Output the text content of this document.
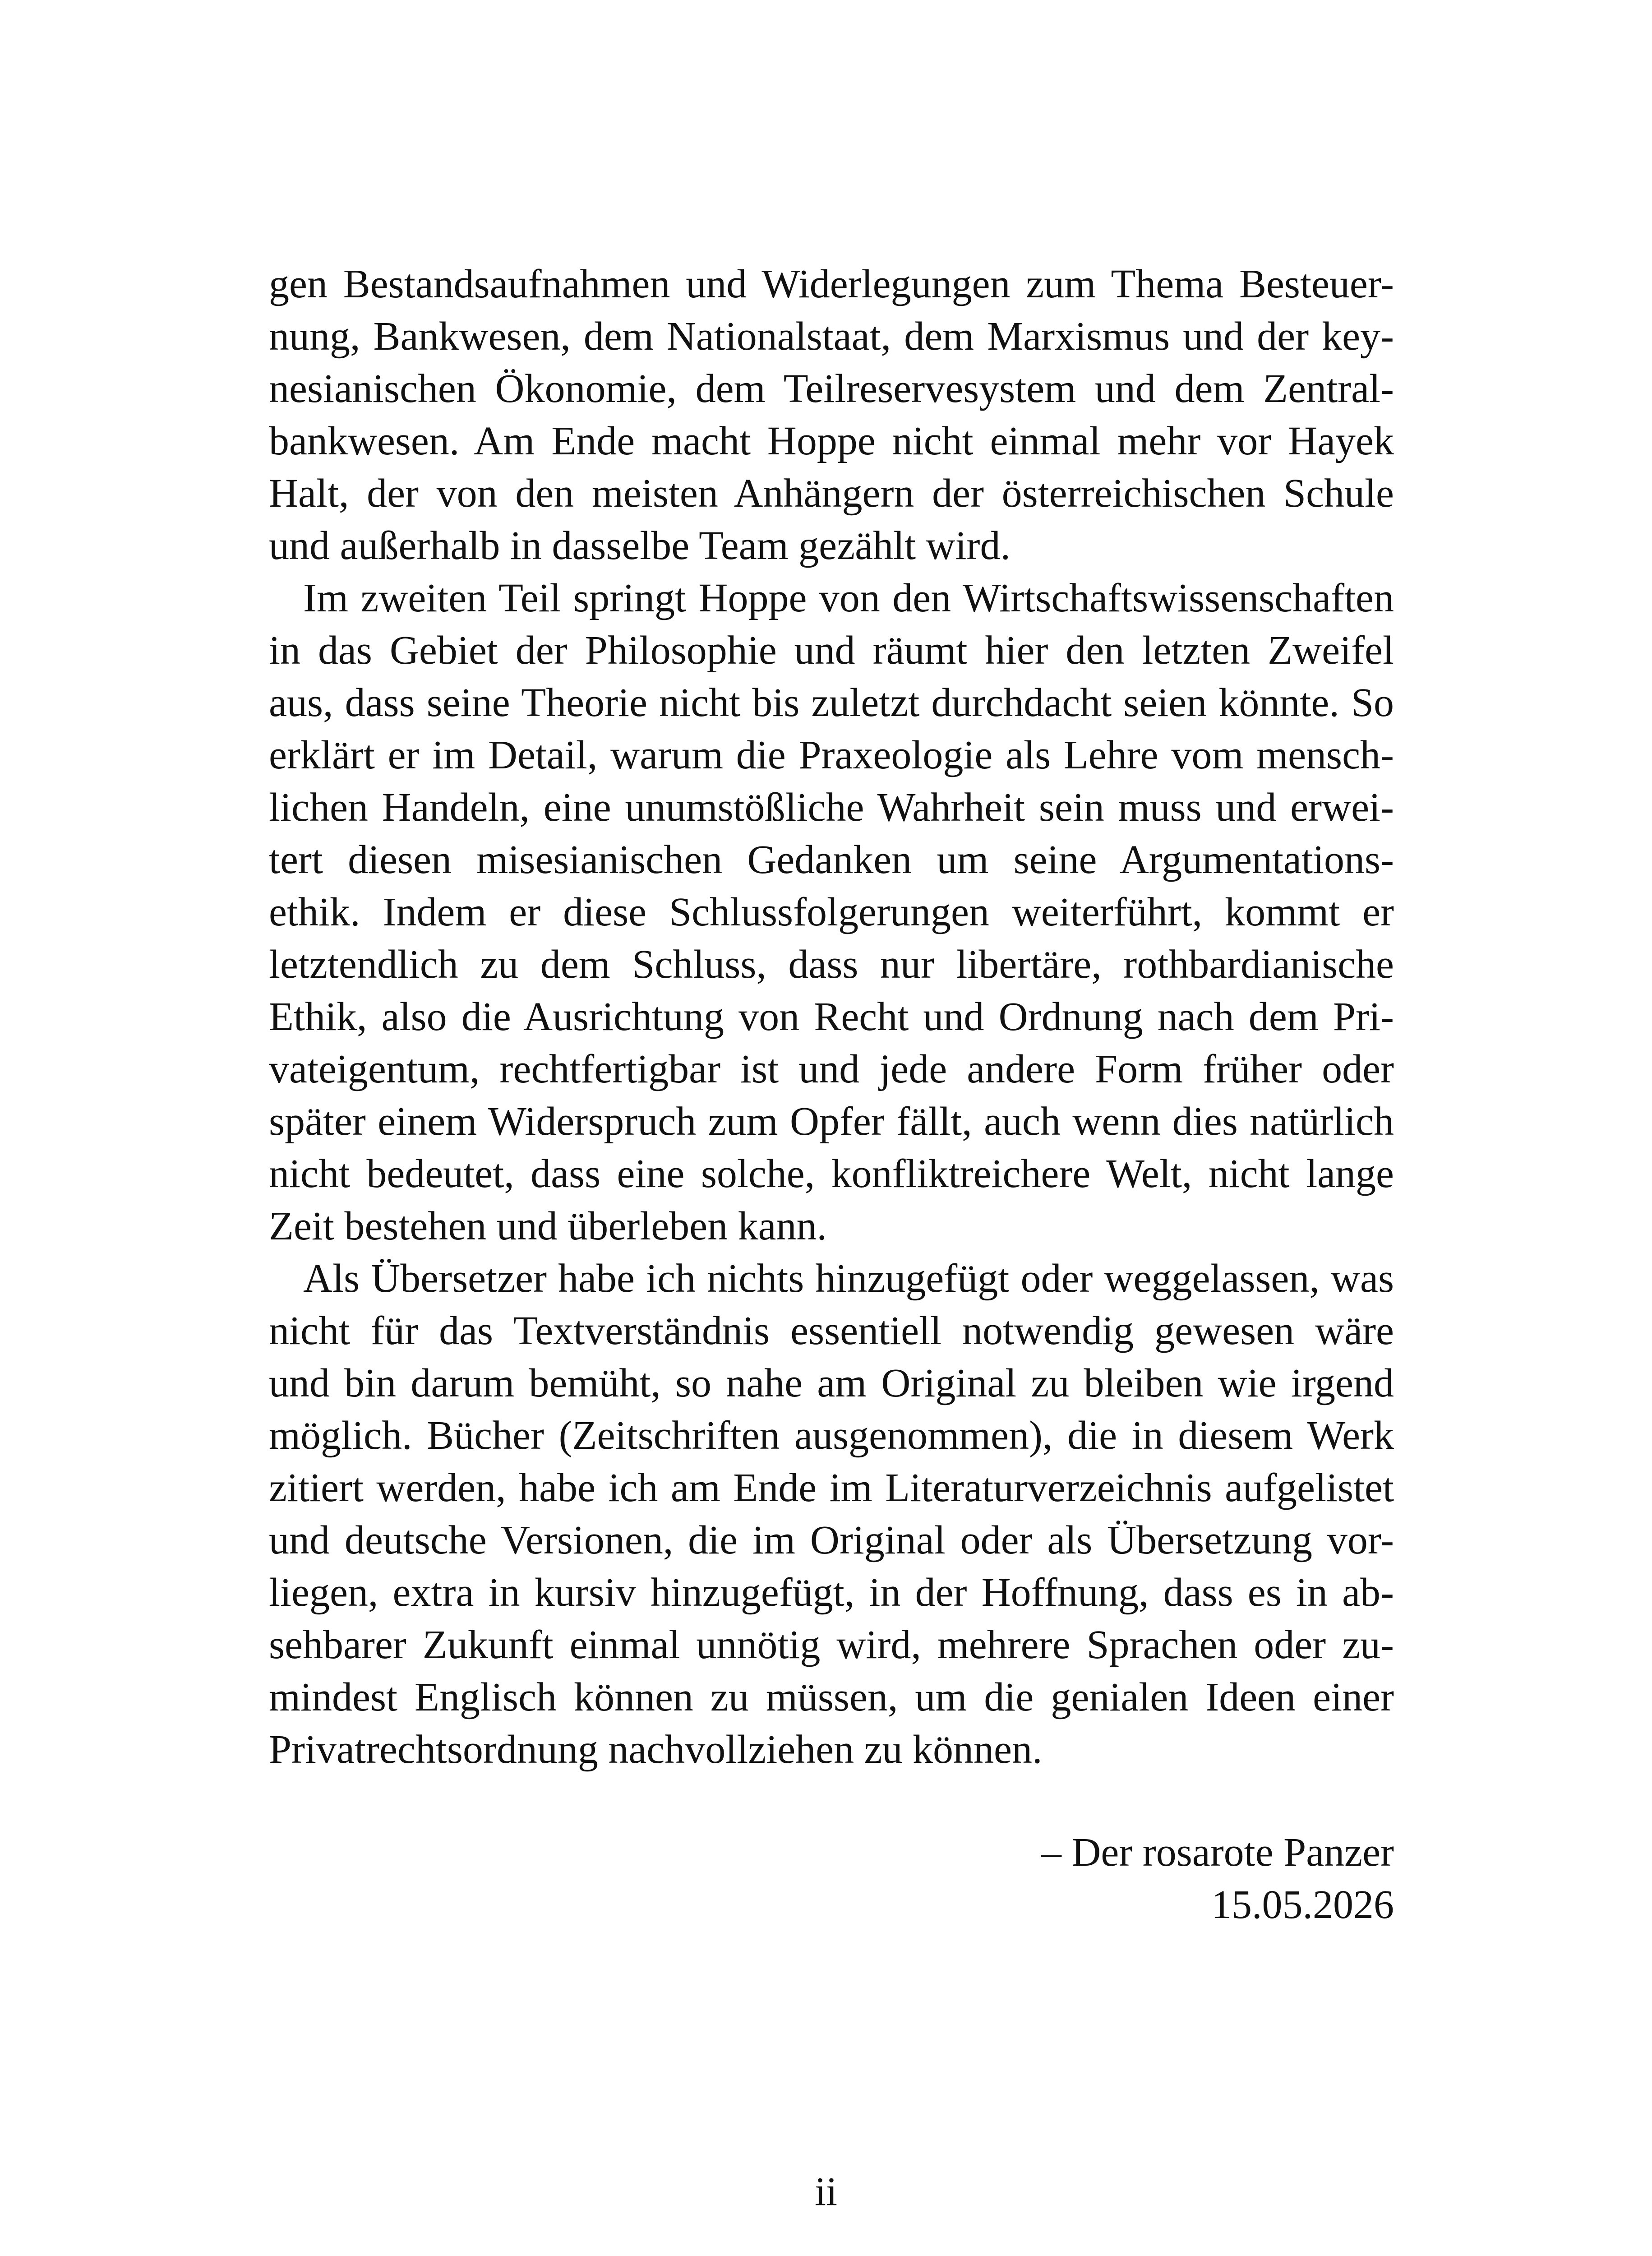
gen Bestandsaufnahmen und Widerlegungen zum Thema Besteuer-
nung, Bankwesen, dem Nationalstaat, dem Marxismus und der key-
nesianischen Ökonomie, dem Teilreservesystem und dem Zentral-
bankwesen. Am Ende macht Hoppe nicht einmal mehr vor Hayek
Halt, der von den meisten Anhängern der österreichischen Schule
und außerhalb in dasselbe Team gezählt wird.
Im zweiten Teil springt Hoppe von den Wirtschaftswissenschaften
in das Gebiet der Philosophie und räumt hier den letzten Zweifel
aus, dass seine Theorie nicht bis zuletzt durchdacht seien könnte. So
erklärt er im Detail, warum die Praxeologie als Lehre vom mensch-
lichen Handeln, eine unumstößliche Wahrheit sein muss und erwei-
tert diesen misesianischen Gedanken um seine Argumentations-
ethik. Indem er diese Schlussfolgerungen weiterführt, kommt er
letztendlich zu dem Schluss, dass nur libertäre, rothbardianische
Ethik, also die Ausrichtung von Recht und Ordnung nach dem Pri-
vateigentum, rechtfertigbar ist und jede andere Form früher oder
später einem Widerspruch zum Opfer fällt, auch wenn dies natürlich
nicht bedeutet, dass eine solche, konfliktreichere Welt, nicht lange
Zeit bestehen und überleben kann.
Als Übersetzer habe ich nichts hinzugefügt oder weggelassen, was
nicht für das Textverständnis essentiell notwendig gewesen wäre
und bin darum bemüht, so nahe am Original zu bleiben wie irgend
möglich. Bücher (Zeitschriften ausgenommen), die in diesem Werk
zitiert werden, habe ich am Ende im Literaturverzeichnis aufgelistet
und deutsche Versionen, die im Original oder als Übersetzung vor-
liegen, extra in kursiv hinzugefügt, in der Hoffnung, dass es in ab-
sehbarer Zukunft einmal unnötig wird, mehrere Sprachen oder zu-
mindest Englisch können zu müssen, um die genialen Ideen einer
Privatrechtsordnung nachvollziehen zu können.
– Der rosarote Panzer
15.05.2026
ii
